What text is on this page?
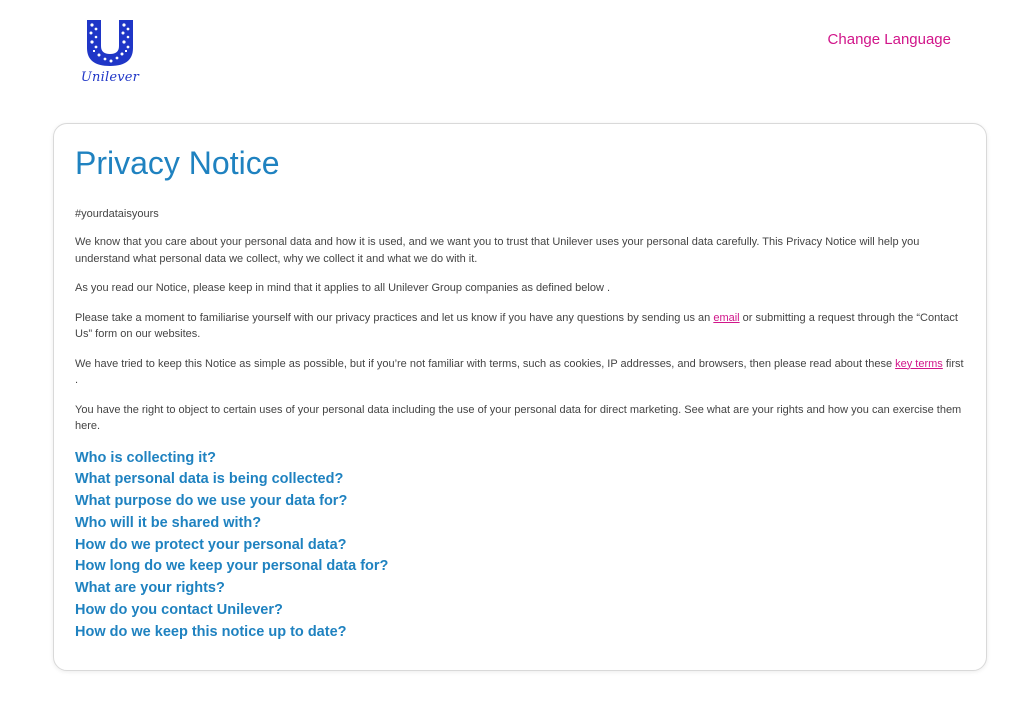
Unilever
Change Language
Privacy Notice

#yourdataisyours

We know that you care about your personal data and how it is used, and we want you to trust that Unilever uses your personal data carefully. This Privacy Notice will help you understand what personal data we collect, why we collect it and what we do with it.

As you read our Notice, please keep in mind that it applies to all Unilever Group companies as defined below .

Please take a moment to familiarise yourself with our privacy practices and let us know if you have any questions by sending us an email or submitting a request through the “Contact Us” form on our websites.

We have tried to keep this Notice as simple as possible, but if you’re not familiar with terms, such as cookies, IP addresses, and browsers, then please read about these key terms first .

You have the right to object to certain uses of your personal data including the use of your personal data for direct marketing. See what are your rights and how you can exercise them here.

Who is collecting it?
What personal data is being collected?
What purpose do we use your data for?
Who will it be shared with?
How do we protect your personal data?
How long do we keep your personal data for?
What are your rights?
How do you contact Unilever?
How do we keep this notice up to date?
